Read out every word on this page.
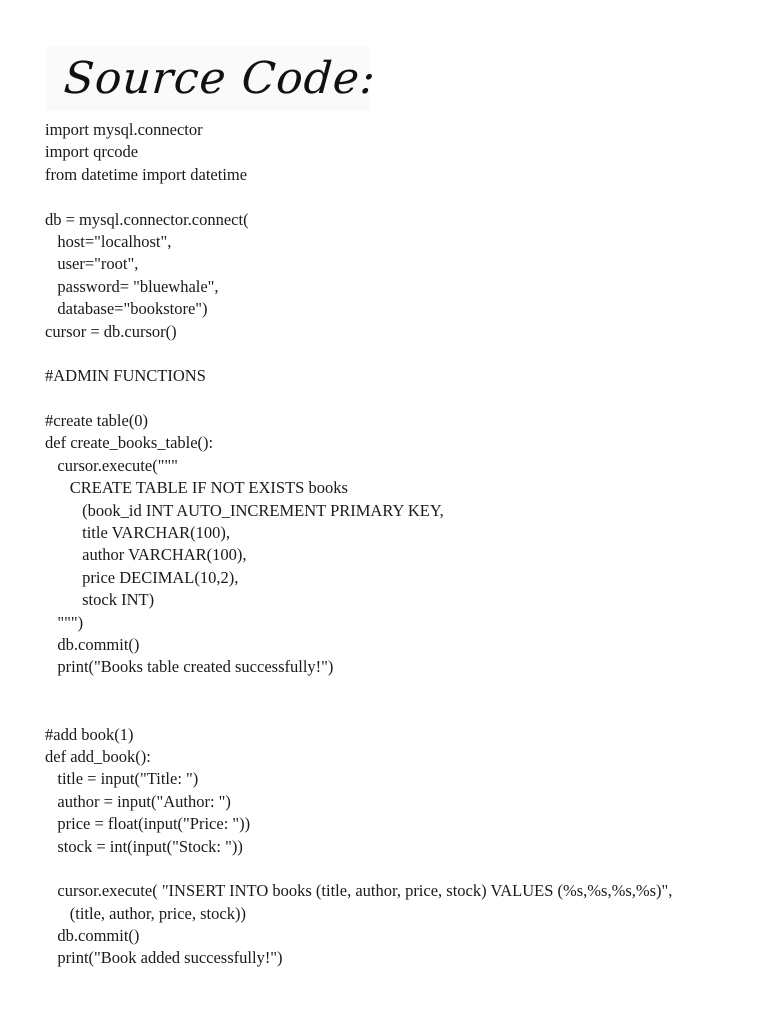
Source Code:
import mysql.connector
import qrcode
from datetime import datetime

db = mysql.connector.connect(
host="localhost",
user="root",
password= "bluewhale",
database="bookstore")
cursor = db.cursor()

#ADMIN FUNCTIONS

#create table(0)
def create_books_table():
cursor.execute("""
CREATE TABLE IF NOT EXISTS books
(book_id INT AUTO_INCREMENT PRIMARY KEY,
title VARCHAR(100),
author VARCHAR(100),
price DECIMAL(10,2),
stock INT)
""")
db.commit()
print("Books table created successfully!")

#add book(1)
def add_book():
title = input("Title: ")
author = input("Author: ")
price = float(input("Price: "))
stock = int(input("Stock: "))

cursor.execute( "INSERT INTO books (title, author, price, stock) VALUES (%s,%s,%s,%s)",
(title, author, price, stock))
db.commit()
print("Book added successfully!")
